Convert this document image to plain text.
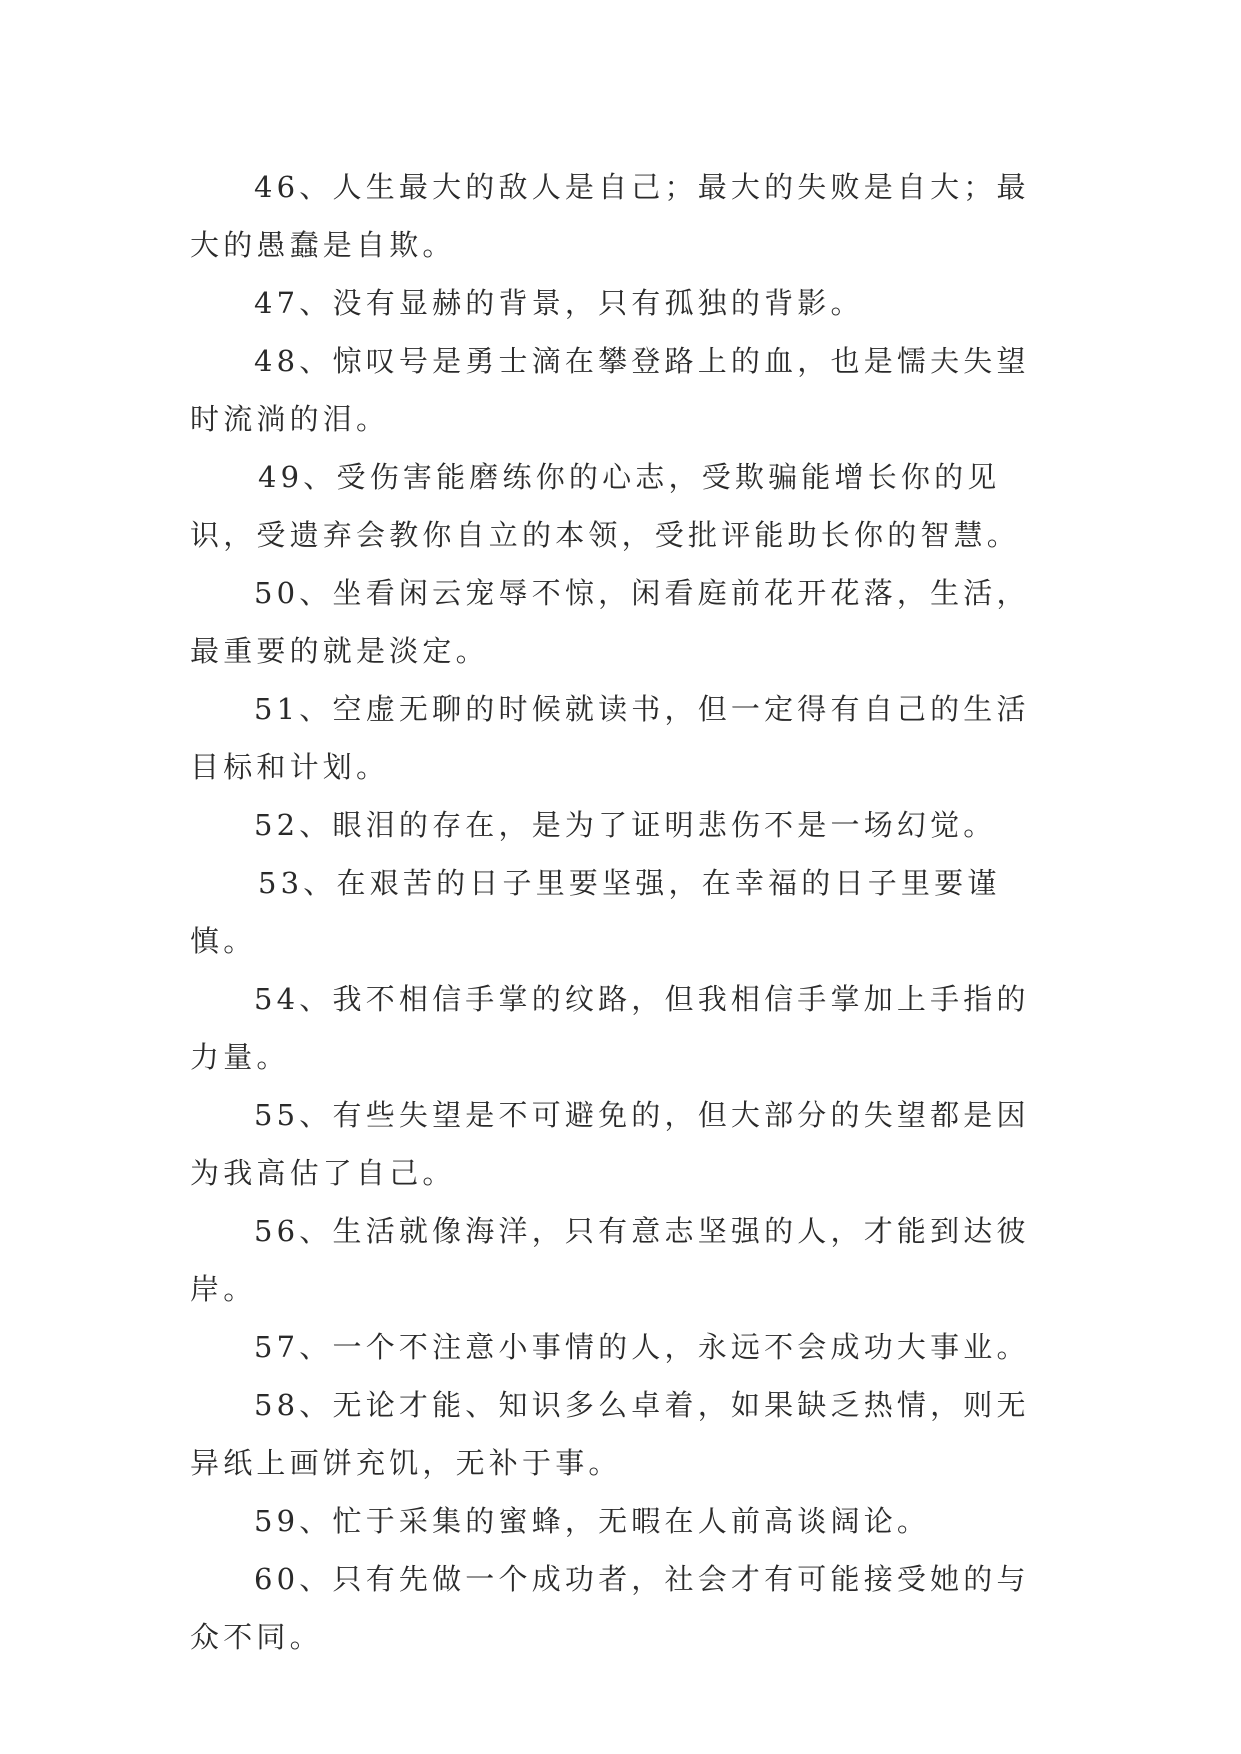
46、人生最大的敌人是自己；最大的失败是自大；最大的愚蠢是自欺。

47、没有显赫的背景，只有孤独的背影。

48、惊叹号是勇士滴在攀登路上的血，也是懦夫失望时流淌的泪。

49、受伤害能磨练你的心志，受欺骗能增长你的见识，受遗弃会教你自立的本领，受批评能助长你的智慧。

50、坐看闲云宠辱不惊，闲看庭前花开花落，生活，最重要的就是淡定。

51、空虚无聊的时候就读书，但一定得有自己的生活目标和计划。

52、眼泪的存在，是为了证明悲伤不是一场幻觉。

53、在艰苦的日子里要坚强，在幸福的日子里要谨慎。

54、我不相信手掌的纹路，但我相信手掌加上手指的力量。

55、有些失望是不可避免的，但大部分的失望都是因为我高估了自己。

56、生活就像海洋，只有意志坚强的人，才能到达彼岸。

57、一个不注意小事情的人，永远不会成功大事业。

58、无论才能、知识多么卓着，如果缺乏热情，则无异纸上画饼充饥，无补于事。

59、忙于采集的蜜蜂，无暇在人前高谈阔论。

60、只有先做一个成功者，社会才有可能接受她的与众不同。
